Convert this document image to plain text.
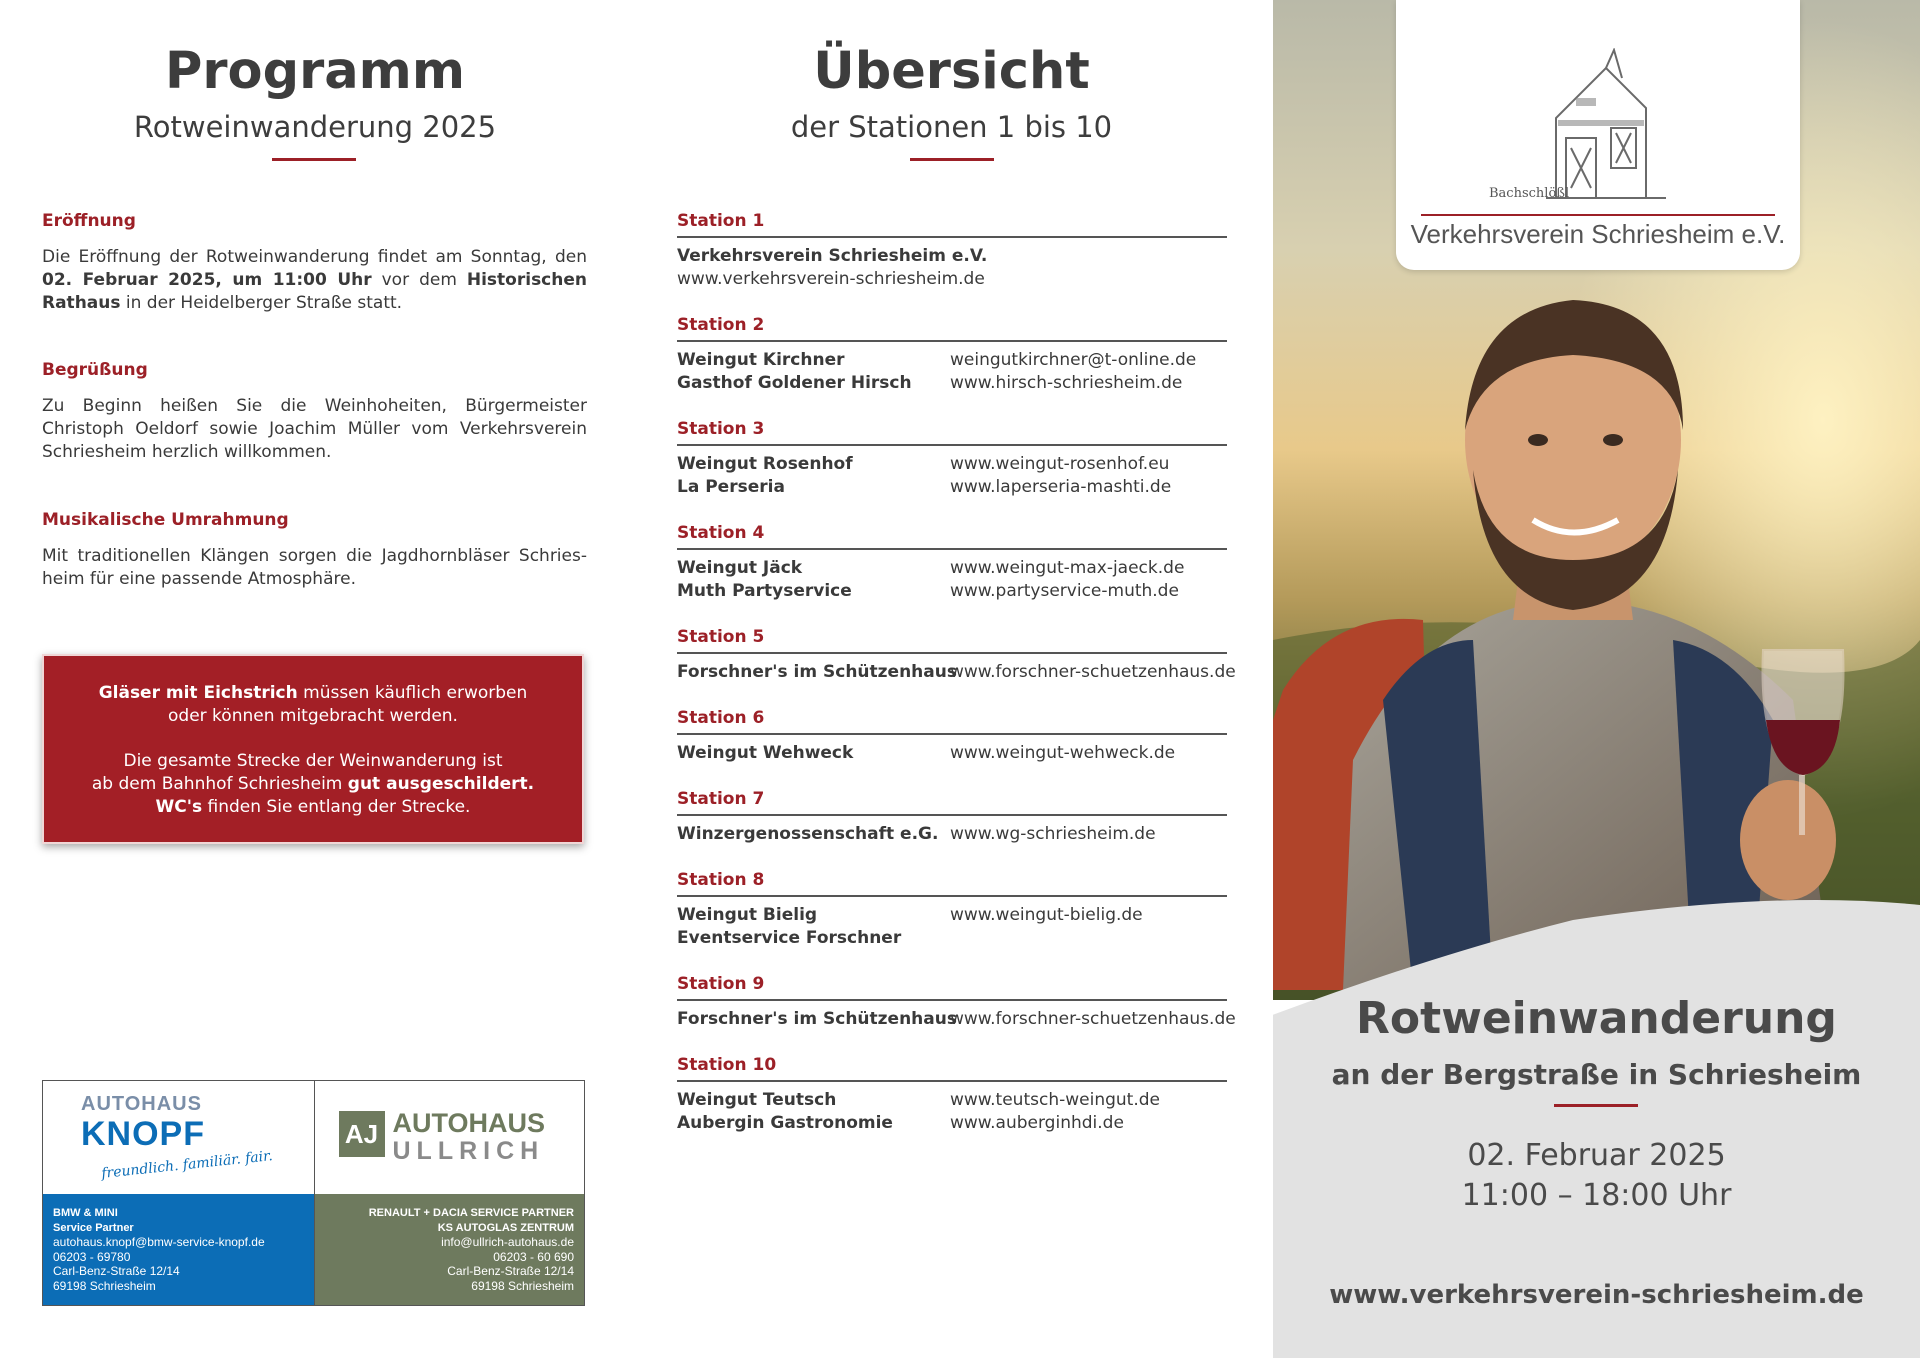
Programm
Rotweinwanderung 2025
Eröffnung
Die Eröffnung der Rotweinwanderung findet am Sonntag, den 02. Februar 2025, um 11:00 Uhr vor dem Historischen Rathaus in der Heidelberger Straße statt.
Begrüßung
Zu Beginn heißen Sie die Weinhoheiten, Bürgermeister Christoph Oeldorf sowie Joachim Müller vom Verkehrsverein Schriesheim herzlich willkommen.
Musikalische Umrahmung
Mit traditionellen Klängen sorgen die Jagdhornbläser Schriesheim für eine passende Atmosphäre.

Gläser mit Eichstrich müssen käuflich erworben

oder können mitgebracht werden.

Die gesamte Strecke der Weinwanderung ist

ab dem Bahnhof Schriesheim gut ausgeschildert.

WC's finden Sie entlang der Strecke.

AUTOHAUS
KNOPF
freundlich. familiär. fair.
BMW & MINI
Service Partner
autohaus.knopf@bmw-service-knopf.de
06203 - 69780
Carl-Benz-Straße 12/14
69198 Schriesheim
AJ AUTOHAUS
ULLRICH
RENAULT + DACIA SERVICE PARTNER
KS AUTOGLAS ZENTRUM
info@ullrich-autohaus.de
06203 - 60 690
Carl-Benz-Straße 12/14
69198 Schriesheim
Übersicht
der Stationen 1 bis 10
Station 1
Verkehrsverein Schriesheim e.V.
www.verkehrsverein-schriesheim.de
Station 2
Weingut Kirchner	weingutkirchner@t-online.de
Gasthof Goldener Hirsch www.hirsch-schriesheim.de
Station 3
Weingut Rosenhof	www.weingut-rosenhof.eu
La Perseria	www.laperseria-mashti.de
Station 4
Weingut Jäck	www.weingut-max-jaeck.de
Muth Partyservice	www.partyservice-muth.de
Station 5
Forschner's im Schützenhaus
www.forschner-schuetzenhaus.de
Station 6
Weingut Wehweck	www.weingut-wehweck.de
Station 7
Winzergenossenschaft e.G. www.wg-schriesheim.de
Station 8
Weingut Bielig	www.weingut-bielig.de
Eventservice Forschner
Station 9
Forschner's im Schützenhaus
www.forschner-schuetzenhaus.de
Station 10
Weingut Teutsch	www.teutsch-weingut.de
Aubergin Gastronomie	www.auberginhdi.de
Bachschlößl
Verkehrsverein Schriesheim e.V.
Rotweinwanderung
an der Bergstraße in Schriesheim
02. Februar 2025
11:00 – 18:00 Uhr
www.verkehrsverein-schriesheim.de
